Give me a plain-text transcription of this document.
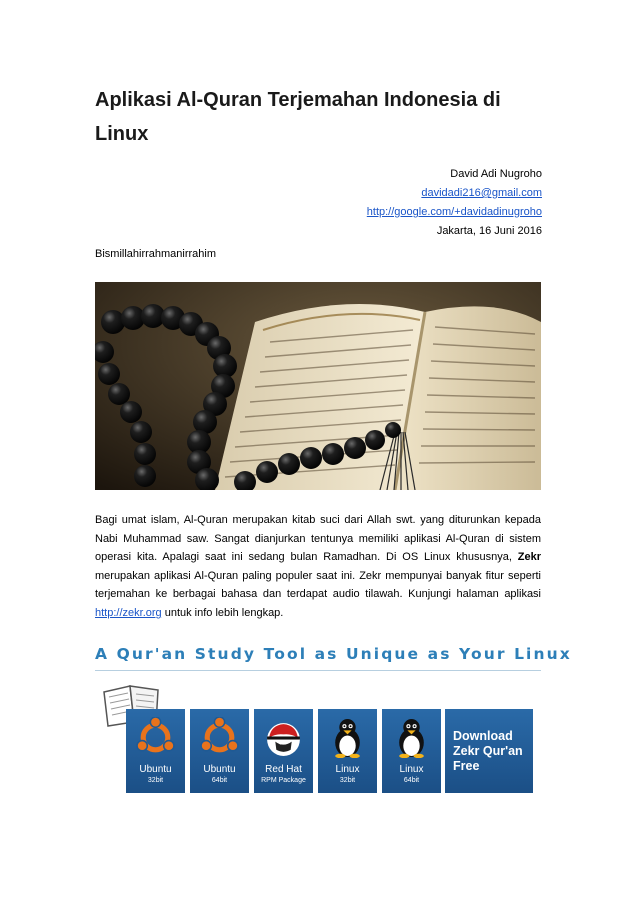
Aplikasi Al-Quran Terjemahan Indonesia di Linux
David Adi Nugroho
davidadi216@gmail.com
http://google.com/+davidadinugroho
Jakarta, 16 Juni 2016
Bismillahirrahmanirrahim

Bagi umat islam, Al-Quran merupakan kitab suci dari Allah swt. yang diturunkan kepada Nabi Muhammad saw. Sangat dianjurkan tentunya memiliki aplikasi Al-Quran di sistem operasi kita. Apalagi saat ini sedang bulan Ramadhan. Di OS Linux khususnya, Zekr merupakan aplikasi Al-Quran paling populer saat ini. Zekr mempunyai banyak fitur seperti terjemahan ke berbagai bahasa dan terdapat audio tilawah. Kunjungi halaman aplikasi http://zekr.org untuk info lebih lengkap.

A Qur'an Study Tool as Unique as Your Linux
Ubuntu
32bit
Ubuntu
64bit
Red Hat
RPM Package
Linux
32bit
Linux
64bit
Download
Zekr Qur'an
Free
